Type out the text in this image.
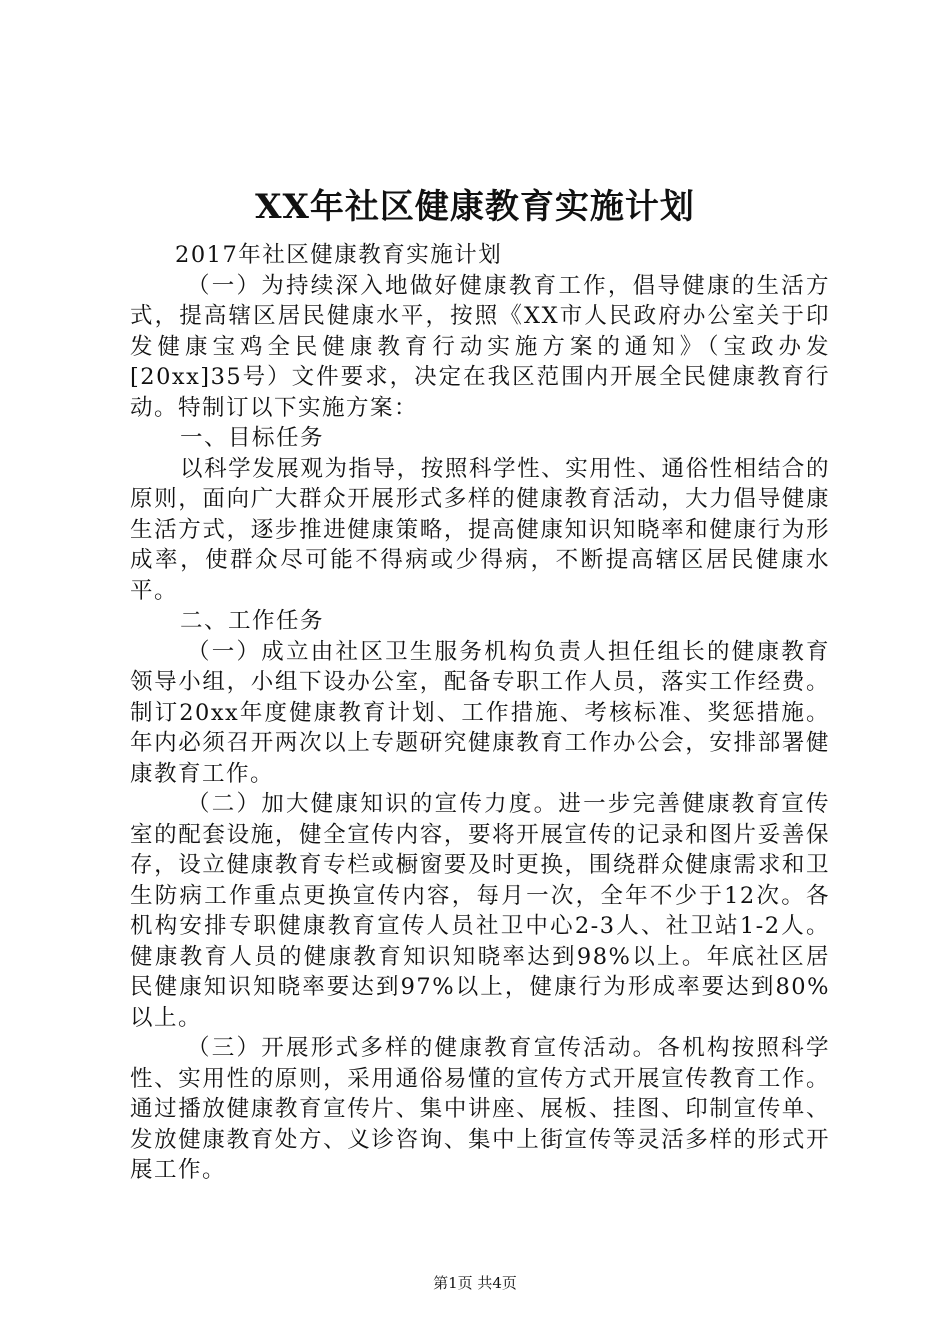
XX年社区健康教育实施计划

2017年社区健康教育实施计划

（一）为持续深入地做好健康教育工作，倡导健康的生活方式，提高辖区居民健康水平，按照《XX市人民政府办公室关于印发健康宝鸡全民健康教育行动实施方案的通知》（宝政办发[20xx]35号）文件要求，决定在我区范围内开展全民健康教育行动。特制订以下实施方案：

一、目标任务

以科学发展观为指导，按照科学性、实用性、通俗性相结合的原则，面向广大群众开展形式多样的健康教育活动，大力倡导健康生活方式，逐步推进健康策略，提高健康知识知晓率和健康行为形成率，使群众尽可能不得病或少得病，不断提高辖区居民健康水平。

二、工作任务

（一）成立由社区卫生服务机构负责人担任组长的健康教育领导小组，小组下设办公室，配备专职工作人员，落实工作经费。制订20xx年度健康教育计划、工作措施、考核标准、奖惩措施。年内必须召开两次以上专题研究健康教育工作办公会，安排部署健康教育工作。

（二）加大健康知识的宣传力度。进一步完善健康教育宣传室的配套设施，健全宣传内容，要将开展宣传的记录和图片妥善保存，设立健康教育专栏或橱窗要及时更换，围绕群众健康需求和卫生防病工作重点更换宣传内容，每月一次，全年不少于12次。各机构安排专职健康教育宣传人员社卫中心2-3人、社卫站1-2人。健康教育人员的健康教育知识知晓率达到98%以上。年底社区居民健康知识知晓率要达到97%以上，健康行为形成率要达到80%以上。

（三）开展形式多样的健康教育宣传活动。各机构按照科学性、实用性的原则，采用通俗易懂的宣传方式开展宣传教育工作。通过播放健康教育宣传片、集中讲座、展板、挂图、印制宣传单、发放健康教育处方、义诊咨询、集中上街宣传等灵活多样的形式开展工作。

第1页 共4页
